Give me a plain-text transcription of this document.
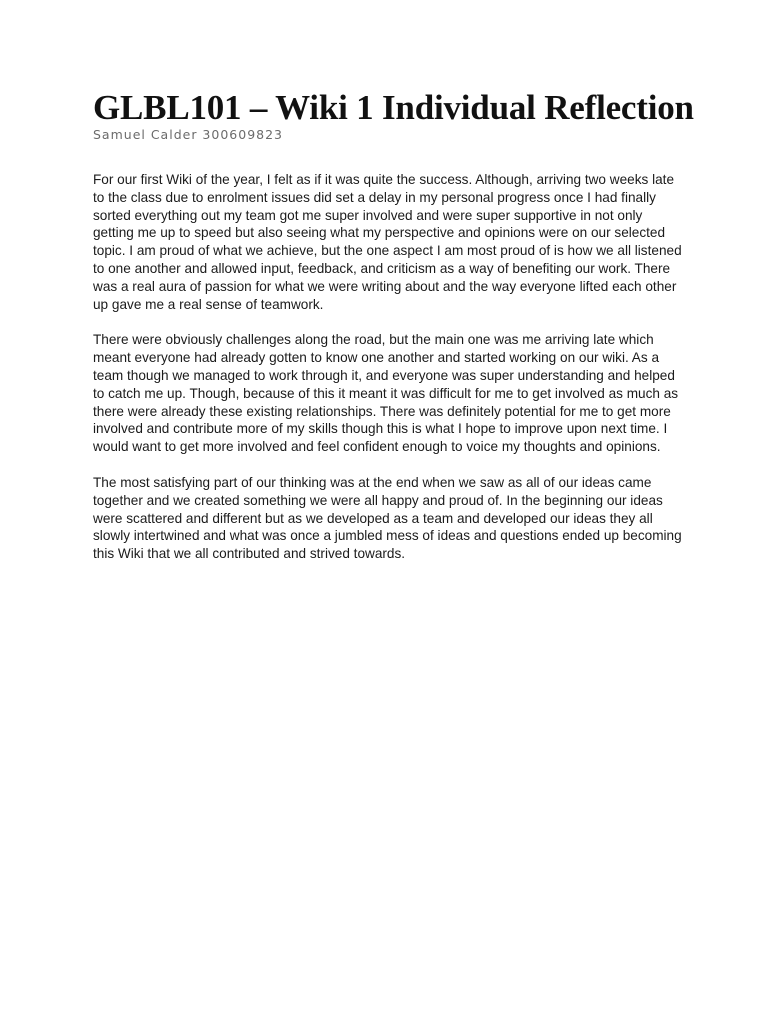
GLBL101 – Wiki 1 Individual Reflection
Samuel Calder 300609823

For our first Wiki of the year, I felt as if it was quite the success. Although, arriving two weeks late to the class due to enrolment issues did set a delay in my personal progress once I had finally sorted everything out my team got me super involved and were super supportive in not only getting me up to speed but also seeing what my perspective and opinions were on our selected topic. I am proud of what we achieve, but the one aspect I am most proud of is how we all listened to one another and allowed input, feedback, and criticism as a way of benefiting our work. There was a real aura of passion for what we were writing about and the way everyone lifted each other up gave me a real sense of teamwork.

There were obviously challenges along the road, but the main one was me arriving late which meant everyone had already gotten to know one another and started working on our wiki. As a team though we managed to work through it, and everyone was super understanding and helped to catch me up. Though, because of this it meant it was difficult for me to get involved as much as there were already these existing relationships. There was definitely potential for me to get more involved and contribute more of my skills though this is what I hope to improve upon next time. I would want to get more involved and feel confident enough to voice my thoughts and opinions.

The most satisfying part of our thinking was at the end when we saw as all of our ideas came together and we created something we were all happy and proud of. In the beginning our ideas were scattered and different but as we developed as a team and developed our ideas they all slowly intertwined and what was once a jumbled mess of ideas and questions ended up becoming this Wiki that we all contributed and strived towards.
